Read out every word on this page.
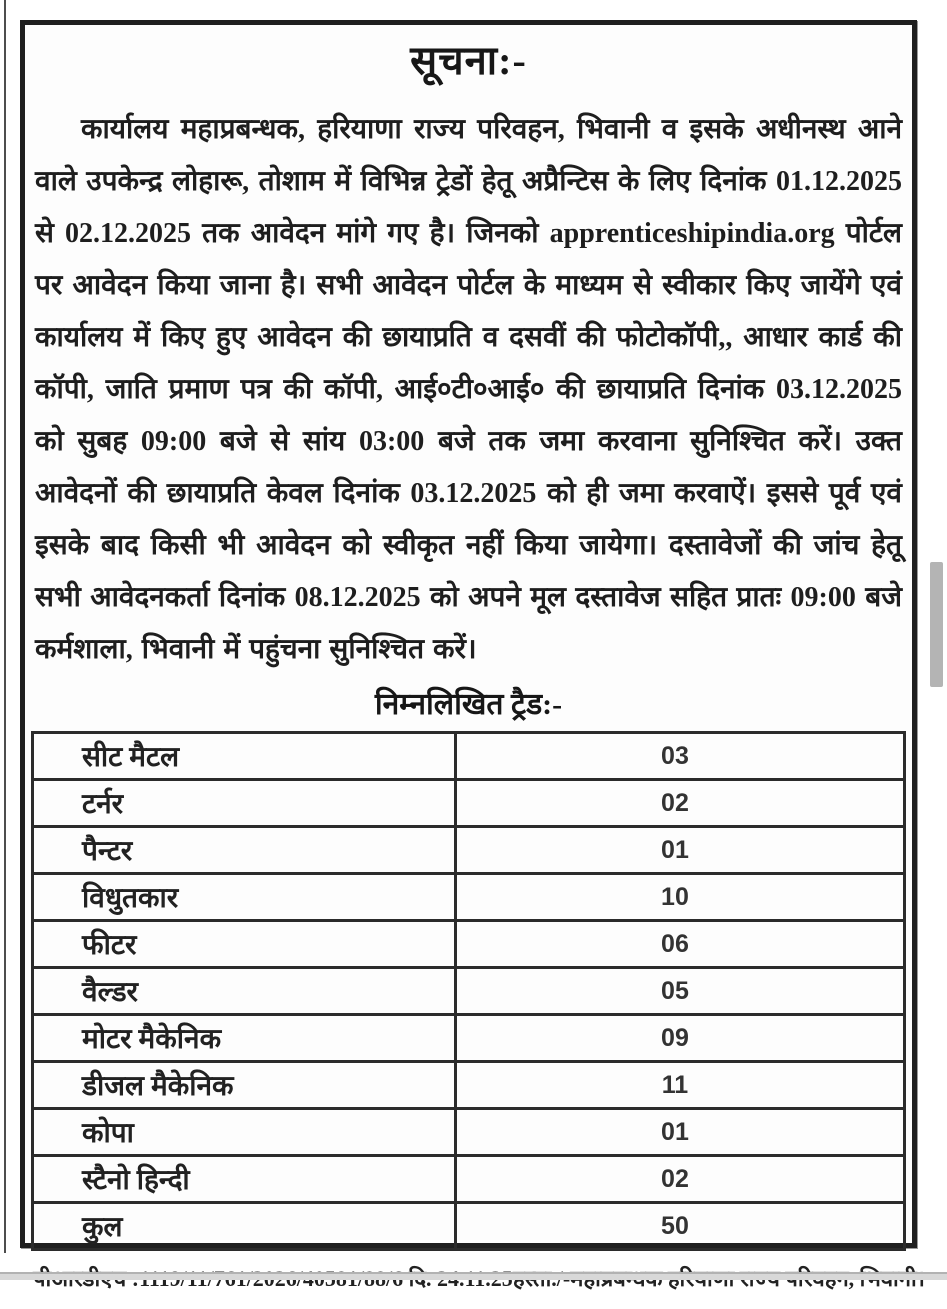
सूचना:-

कार्यालय महाप्रबन्धक, हरियाणा राज्य परिवहन, भिवानी व इसके अधीनस्थ आने वाले उपकेन्द्र लोहारू, तोशाम में विभिन्न ट्रेडों हेतू अप्रैन्टिस के लिए दिनांक 01.12.2025 से 02.12.2025 तक आवेदन मांगे गए है। जिनको apprenticeshipindia.org पोर्टल पर आवेदन किया जाना है। सभी आवेदन पोर्टल के माध्यम से स्वीकार किए जायेंगे एवं कार्यालय में किए हुए आवेदन की छायाप्रति व दसवीं की फोटोकॉपी,, आधार कार्ड की कॉपी, जाति प्रमाण पत्र की कॉपी, आई०टी०आई० की छायाप्रति दिनांक 03.12.2025 को सुबह 09:00 बजे से सांय 03:00 बजे तक जमा करवाना सुनिश्चित करें। उक्त आवेदनों की छायाप्रति केवल दिनांक 03.12.2025 को ही जमा करवाऐं। इससे पूर्व एवं इसके बाद किसी भी आवेदन को स्वीकृत नहीं किया जायेगा। दस्तावेजों की जांच हेतू सभी आवेदनकर्ता दिनांक 08.12.2025 को अपने मूल दस्तावेज सहित प्रातः 09:00 बजे कर्मशाला, भिवानी में पहुंचना सुनिश्चित करें।

निम्नलिखित ट्रैड:-
सीट मैटल	03
टर्नर	02
पैन्टर	01
विधुतकार	10
फीटर	06
वैल्डर	05
मोटर मैकेनिक	09
डीजल मैकेनिक	11
कोपा	01
स्टैनो हिन्दी	02
कुल	50
